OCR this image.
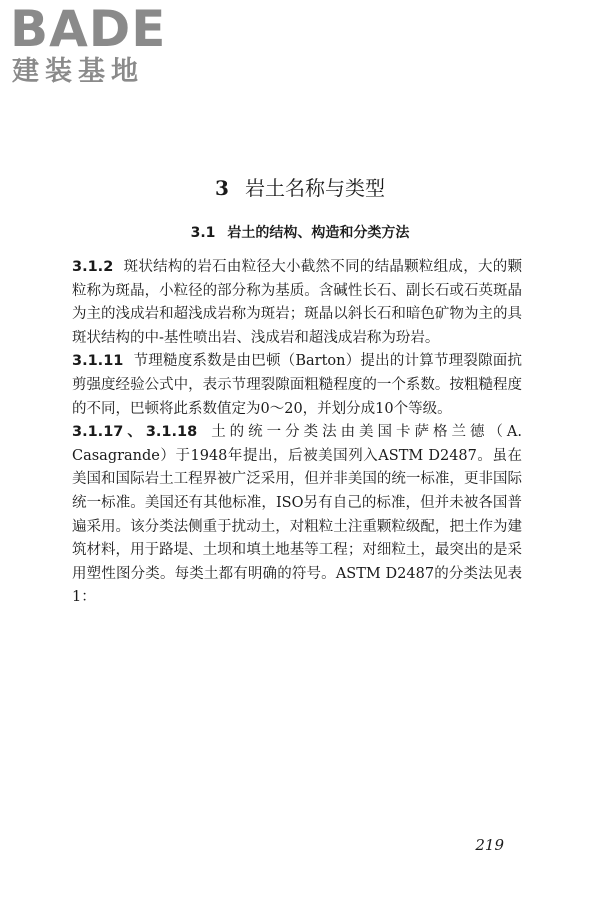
BADE
建装基地
3 岩土名称与类型
3.1 岩土的结构、构造和分类方法

3.1.2 斑状结构的岩石由粒径大小截然不同的结晶颗粒组成，大的颗粒称为斑晶，小粒径的部分称为基质。含碱性长石、副长石或石英斑晶为主的浅成岩和超浅成岩称为斑岩；斑晶以斜长石和暗色矿物为主的具斑状结构的中-基性喷出岩、浅成岩和超浅成岩称为玢岩。

3.1.11 节理糙度系数是由巴顿（Barton）提出的计算节理裂隙面抗剪强度经验公式中，表示节理裂隙面粗糙程度的一个系数。按粗糙程度的不同，巴顿将此系数值定为0～20，并划分成10个等级。

3.1.17、3.1.18 土的统一分类法由美国卡萨格兰德（A. Casagrande）于1948年提出，后被美国列入ASTM D2487。虽在美国和国际岩土工程界被广泛采用，但并非美国的统一标准，更非国际统一标准。美国还有其他标准，ISO另有自己的标准，但并未被各国普遍采用。该分类法侧重于扰动土，对粗粒土注重颗粒级配，把土作为建筑材料，用于路堤、土坝和填土地基等工程；对细粒土，最突出的是采用塑性图分类。每类土都有明确的符号。ASTM D2487的分类法见表1：

219
